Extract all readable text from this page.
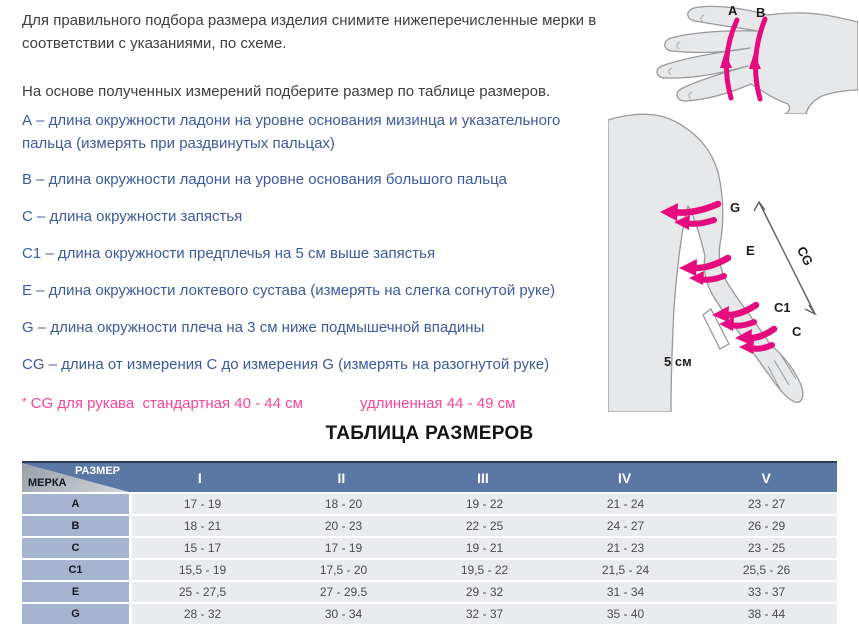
Для правильного подбора размера изделия снимите нижеперечисленные мерки в соответствии с указаниями, по схеме.

На основе полученных измерений подберите размер по таблице размеров.

А – длина окружности ладони на уровне основания мизинца и указательного пальца (измерять при раздвинутых пальцах)

В – длина окружности ладони на уровне основания большого пальца

С – длина окружности запястья

С1 – длина окружности предплечья на 5 см выше запястья

Е – длина окружности локтевого сустава (измерять на слегка согнутой руке)

G – длина окружности плеча на 3 см ниже подмышечной впадины

CG – длина от измерения С до измерения G (измерять на разогнутой руке)

* CG для рукава  стандартная 40 - 44 см	удлиненная 44 - 49 см
ТАБЛИЦА РАЗМЕРОВ
РАЗМЕР
МЕРКА	I	II	III	IV	V
А	17 - 19	18 - 20	19 - 22	21 - 24	23 - 27
В	18 - 21	20 - 23	22 - 25	24 - 27	26 - 29
С	15 - 17	17 - 19	19 - 21	21 - 23	23 - 25
С1	15,5 - 19	17,5 - 20	19,5 - 22	21,5 - 24	25,5 - 26
Е	25 - 27,5	27 - 29.5	29 - 32	31 - 34	33 - 37
G	28 - 32	30 - 34	32 - 37	35 - 40	38 - 44
A B
G
E
C1
C
CG
5 см
